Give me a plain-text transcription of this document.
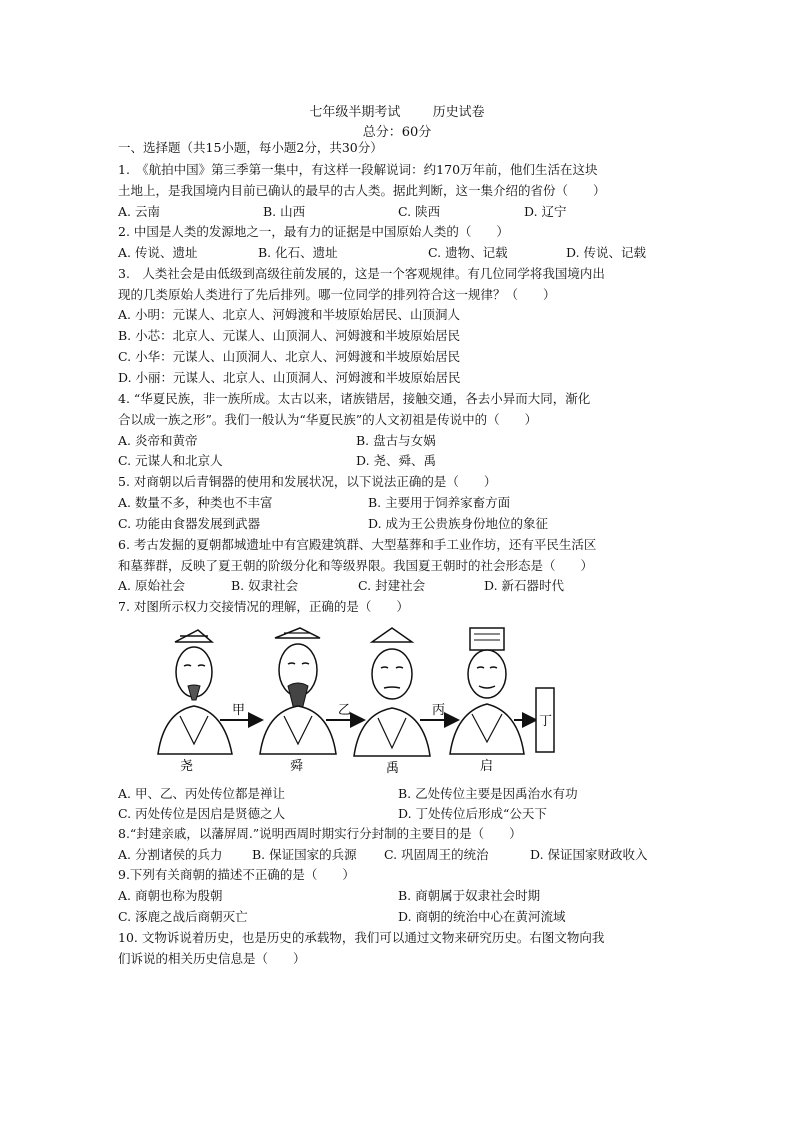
七年级半期考试 历史试卷
总分：60分
一、选择题（共15小题，每小题2分，共30分）
1.　《航拍中国》第三季第一集中，有这样一段解说词：约170万年前，他们生活在这块
土地上，是我国境内目前已确认的最早的古人类。据此判断，这一集介绍的省份（　　）
A. 云南	B. 山西	C. 陕西	D. 辽宁
2. 中国是人类的发源地之一，最有力的证据是中国原始人类的（　　）
A. 传说、遗址	B. 化石、遗址	C. 遗物、记载	D. 传说、记载
3.　人类社会是由低级到高级往前发展的，这是一个客观规律。有几位同学将我国境内出
现的几类原始人类进行了先后排列。哪一位同学的排列符合这一规律？（　　）
A. 小明：元谋人、北京人、河姆渡和半坡原始居民、山顶洞人
B. 小芯：北京人、元谋人、山顶洞人、河姆渡和半坡原始居民
C. 小华：元谋人、山顶洞人、北京人、河姆渡和半坡原始居民
D. 小丽：元谋人、北京人、山顶洞人、河姆渡和半坡原始居民
4. “华夏民族，非一族所成。太古以来，诸族错居，接触交通，各去小异而大同，渐化
合以成一族之形”。我们一般认为“华夏民族”的人文初祖是传说中的（　　）
A. 炎帝和黄帝	B. 盘古与女娲
C. 元谋人和北京人	D. 尧、舜、禹
5. 对商朝以后青铜器的使用和发展状况，以下说法正确的是（　　）
A. 数量不多，种类也不丰富	B. 主要用于饲养家畜方面
C. 功能由食器发展到武器	D. 成为王公贵族身份地位的象征
6. 考古发掘的夏朝都城遗址中有宫殿建筑群、大型墓葬和手工业作坊，还有平民生活区
和墓葬群，反映了夏王朝的阶级分化和等级界限。我国夏王朝时的社会形态是（　　）
A. 原始社会	B. 奴隶社会	C. 封建社会	D. 新石器时代
7. 对图所示权力交接情况的理解，正确的是（　　）
甲	乙	丙
丁
尧	舜	禹	启
A. 甲、乙、丙处传位都是禅让	B. 乙处传位主要是因禹治水有功
C. 丙处传位是因启是贤德之人	D. 丁处传位后形成“公天下
8.“封建亲戚，以藩屏周.”说明西周时期实行分封制的主要目的是（　　）
A. 分割诸侯的兵力 B. 保证国家的兵源 C. 巩固周王的统治	D. 保证国家财政收入
9.下列有关商朝的描述不正确的是（　　）
A. 商朝也称为殷朝	B. 商朝属于奴隶社会时期
C. 涿鹿之战后商朝灭亡	D. 商朝的统治中心在黄河流域
10. 文物诉说着历史，也是历史的承载物，我们可以通过文物来研究历史。右图文物向我
们诉说的相关历史信息是（　　）
